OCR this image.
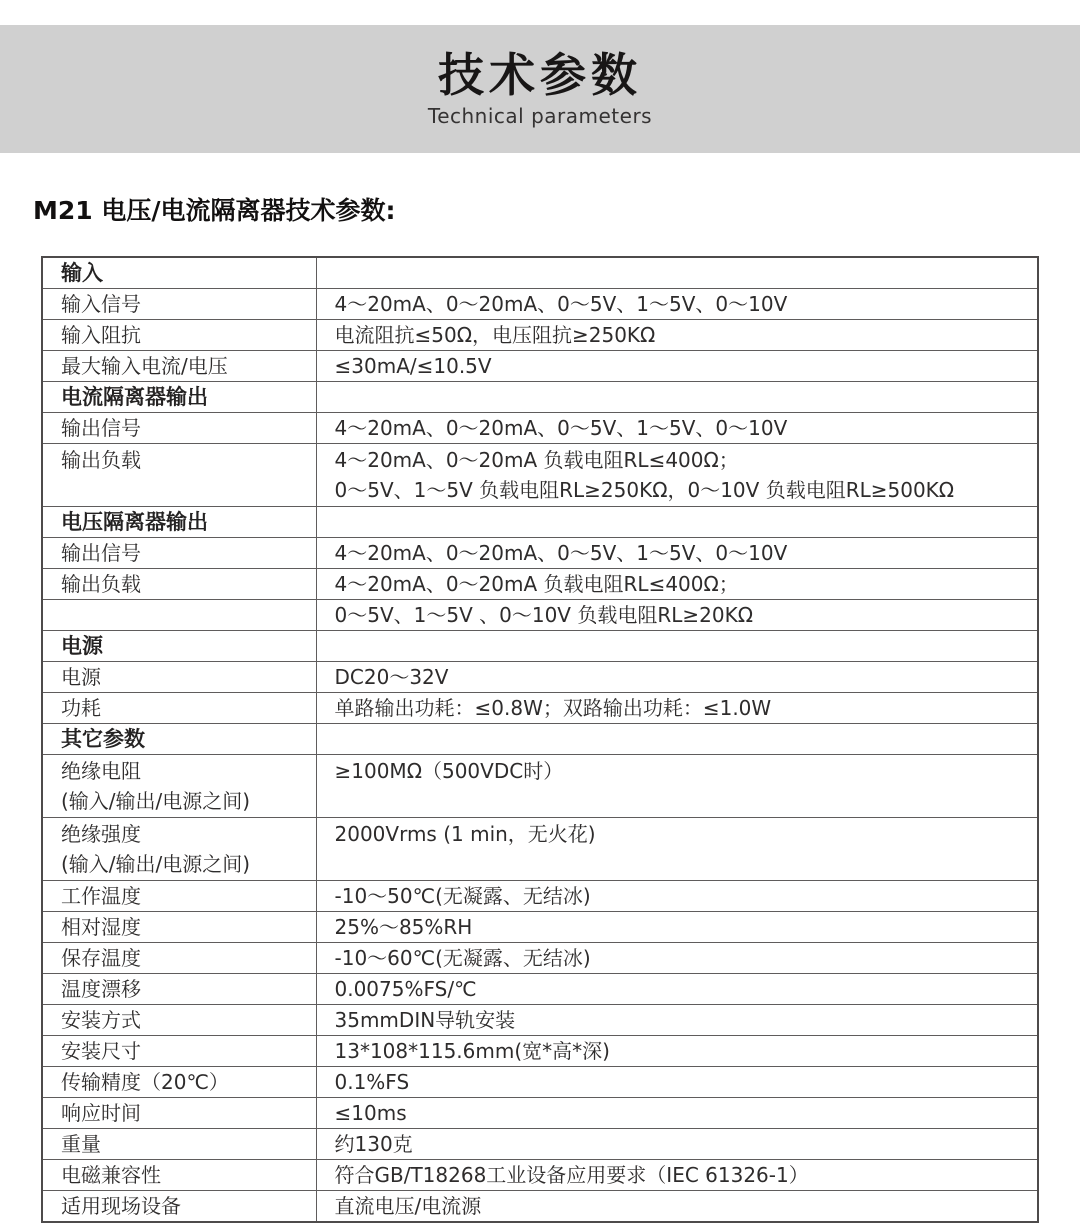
技术参数
Technical parameters
M21 电压/电流隔离器技术参数:
输入	

输入信号	4～20mA、0～20mA、0～5V、1～5V、0～10V

输入阻抗	电流阻抗≤50Ω，电压阻抗≥250KΩ

最大输入电流/电压	≤30mA/≤10.5V

电流隔离器输出	

输出信号	4～20mA、0～20mA、0～5V、1～5V、0～10V

输出负载	4～20mA、0～20mA 负载电阻RL≤400Ω；
0～5V、1～5V 负载电阻RL≥250KΩ，0～10V 负载电阻RL≥500KΩ

电压隔离器输出	

输出信号	4～20mA、0～20mA、0～5V、1～5V、0～10V

输出负载	4～20mA、0～20mA 负载电阻RL≤400Ω；

	0～5V、1～5V 、0～10V 负载电阻RL≥20KΩ

电源	

电源	DC20～32V

功耗	单路输出功耗：≤0.8W；双路输出功耗：≤1.0W

其它参数	

绝缘电阻
(输入/输出/电源之间)	≥100MΩ（500VDC时）

绝缘强度
(输入/输出/电源之间)	2000Vrms (1 min，无火花)

工作温度	-10～50℃(无凝露、无结冰)

相对湿度	25%～85%RH

保存温度	-10～60℃(无凝露、无结冰)

温度漂移	0.0075%FS/℃

安装方式	35mmDIN导轨安装

安装尺寸	13*108*115.6mm(宽*高*深)

传输精度（20℃）	0.1%FS

响应时间	≤10ms

重量	约130克

电磁兼容性	符合GB/T18268工业设备应用要求（IEC 61326-1）

适用现场设备	直流电压/电流源
